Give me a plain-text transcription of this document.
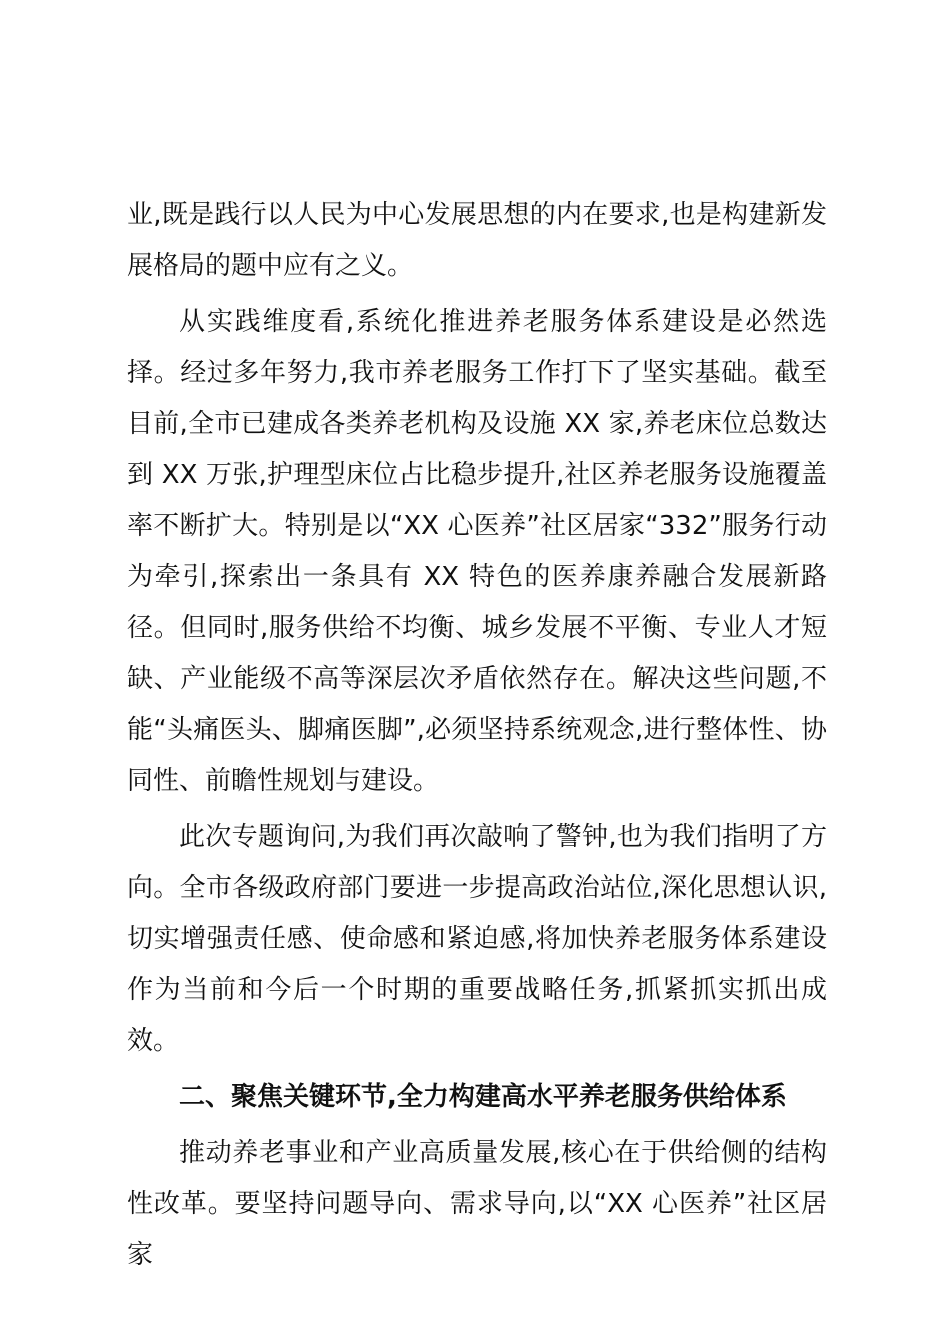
业,既是践行以人民为中心发展思想的内在要求,也是构建新发展格局的题中应有之义。

从实践维度看,系统化推进养老服务体系建设是必然选择。经过多年努力,我市养老服务工作打下了坚实基础。截至目前,全市已建成各类养老机构及设施 XX 家,养老床位总数达到 XX 万张,护理型床位占比稳步提升,社区养老服务设施覆盖率不断扩大。特别是以“XX 心医养”社区居家“332”服务行动为牵引,探索出一条具有 XX 特色的医养康养融合发展新路径。但同时,服务供给不均衡、城乡发展不平衡、专业人才短缺、产业能级不高等深层次矛盾依然存在。解决这些问题,不能“头痛医头、脚痛医脚”,必须坚持系统观念,进行整体性、协同性、前瞻性规划与建设。

此次专题询问,为我们再次敲响了警钟,也为我们指明了方向。全市各级政府部门要进一步提高政治站位,深化思想认识,切实增强责任感、使命感和紧迫感,将加快养老服务体系建设作为当前和今后一个时期的重要战略任务,抓紧抓实抓出成效。

二、聚焦关键环节,全力构建高水平养老服务供给体系

推动养老事业和产业高质量发展,核心在于供给侧的结构性改革。要坚持问题导向、需求导向,以“XX 心医养”社区居家
